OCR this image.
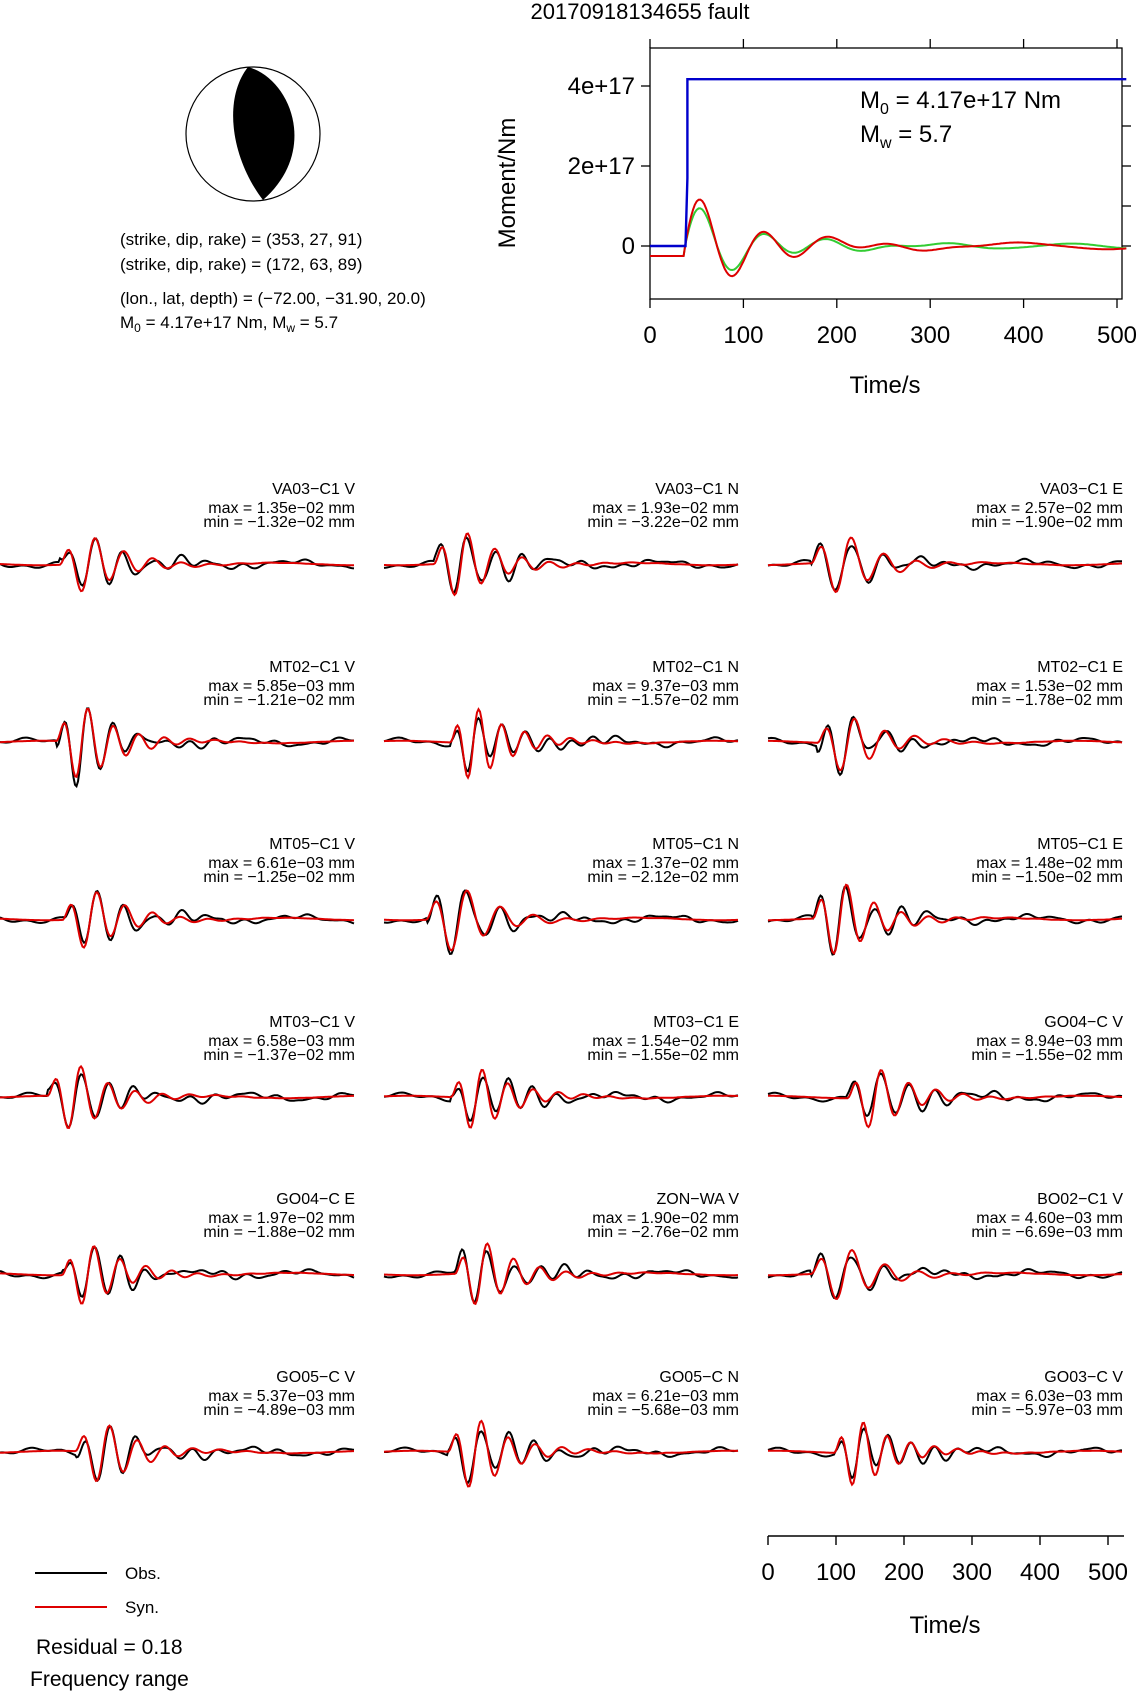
20170918134655 fault
(strike, dip, rake) = (353, 27, 91)
(strike, dip, rake) = (172, 63, 89)
(lon., lat, depth) = (−72.00, −31.90, 20.0)
$M_0 = 4.17e+17$ Nm, $M_w = 5.7$
4e+17
2e+17
0
0	100 200 300 400 500
Moment/Nm
Time/s
$M_0 = 4.17e+17$ Nm
$M_w = 5.7$
VA03−C1 V
max = 1.35e−02 mm
min = −1.32e−02 mm
VA03−C1 N
max = 1.93e−02 mm
min = −3.22e−02 mm
VA03−C1 E
max = 2.57e−02 mm
min = −1.90e−02 mm
MT02−C1 V
max = 5.85e−03 mm
min = −1.21e−02 mm
MT02−C1 N
max = 9.37e−03 mm
min = −1.57e−02 mm
MT02−C1 E
max = 1.53e−02 mm
min = −1.78e−02 mm
MT05−C1 V
max = 6.61e−03 mm
min = −1.25e−02 mm
MT05−C1 N
max = 1.37e−02 mm
min = −2.12e−02 mm
MT05−C1 E
max = 1.48e−02 mm
min = −1.50e−02 mm
MT03−C1 V
max = 6.58e−03 mm
min = −1.37e−02 mm
MT03−C1 E
max = 1.54e−02 mm
min = −1.55e−02 mm
GO04−C V
max = 8.94e−03 mm
min = −1.55e−02 mm
GO04−C E
max = 1.97e−02 mm
min = −1.88e−02 mm
ZON−WA V
max = 1.90e−02 mm
min = −2.76e−02 mm
BO02−C1 V
max = 4.60e−03 mm
min = −6.69e−03 mm
GO05−C V
max = 5.37e−03 mm
min = −4.89e−03 mm
GO05−C N
max = 6.21e−03 mm
min = −5.68e−03 mm
GO03−C V
max = 6.03e−03 mm
min = −5.97e−03 mm
0 100 200 300 400 500
Time/s
Obs.
Syn.
Residual = 0.18
Frequency range
